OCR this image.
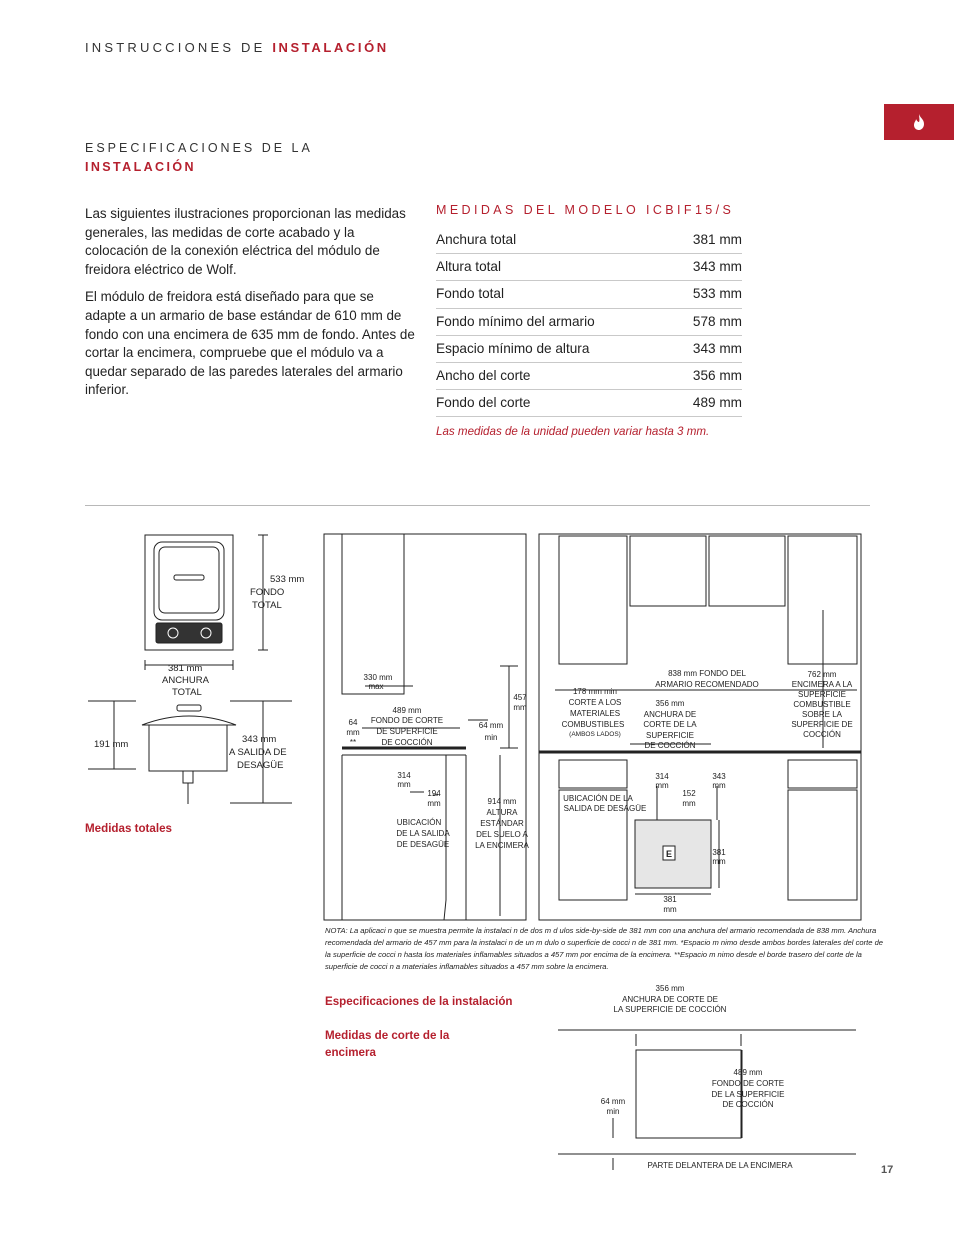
INSTRUCCIONES DE INSTALACIÓN
ESPECIFICACIONES DE LA
INSTALACIÓN

Las siguientes ilustraciones proporcionan las medidas generales, las medidas de corte acabado y la colocación de la conexión eléctrica del módulo de freidora eléctrico de Wolf.

El módulo de freidora está diseñado para que se adapte a un armario de base estándar de 610 mm de fondo con una encimera de 635 mm de fondo. Antes de cortar la encimera, compruebe que el módulo va a quedar separado de las paredes laterales del armario inferior.

MEDIDAS DEL MODELO ICBIF15/S
Anchura total	381 mm
Altura total	343 mm
Fondo total	533 mm
Fondo mínimo del armario	578 mm
Espacio mínimo de altura	343 mm
Ancho del corte	356 mm
Fondo del corte	489 mm
Las medidas de la unidad pueden variar hasta 3 mm.
533 mm
FONDO
TOTAL
381 mm
ANCHURA
TOTAL
191 mm	343 mm
A SALIDA DE
DESAGÜE
Medidas totales
330 mm
max
64
mm
**
489 mm
FONDO DE CORTE
DE SUPERFICIE
DE COCCIÓN
64 mm
min
457
mm
314
mm
194
mm
UBICACIÓN
DE LA SALIDA
DE DESAGÜE
914 mm
ALTURA
ESTÁNDAR
DEL SUELO A
LA ENCIMERA
838 mm FONDO DEL
ARMARIO RECOMENDADO
178 mm min
CORTE A LOS
MATERIALES
COMBUSTIBLES
(AMBOS LADOS)
356 mm
ANCHURA DE
CORTE DE LA
SUPERFICIE
DE COCCIÓN
762 mm
ENCIMERA A LA
SUPERFICIE
COMBUSTIBLE
SOBRE LA
SUPERFICIE DE
COCCIÓN
UBICACIÓN DE LA
SALIDA DE DESAGÜE
314
mm
343
mm
152
mm
381
mm
381
mm
E
NOTA: La aplicaci n que se muestra permite la instalaci n de dos m d ulos side-by-side de 381 mm con una anchura del armario recomendada de 838 mm. Anchura recomendada del armario de 457 mm para la instalaci n de un m dulo o superficie de cocci n de 381 mm. *Espacio m nimo desde ambos bordes laterales del corte de la superficie de cocci n hasta los materiales inflamables situados a 457 mm por encima de la encimera. **Espacio m nimo desde el borde trasero del corte de la superficie de cocci n a materiales inflamables situados a 457 mm sobre la encimera.
Especificaciones de la instalación
Medidas de corte de la encimera
356 mm
ANCHURA DE CORTE DE
LA SUPERFICIE DE COCCIÓN
489 mm
FONDO DE CORTE
DE LA SUPERFICIE
DE COCCIÓN
64 mm
min
PARTE DELANTERA DE LA ENCIMERA	17
